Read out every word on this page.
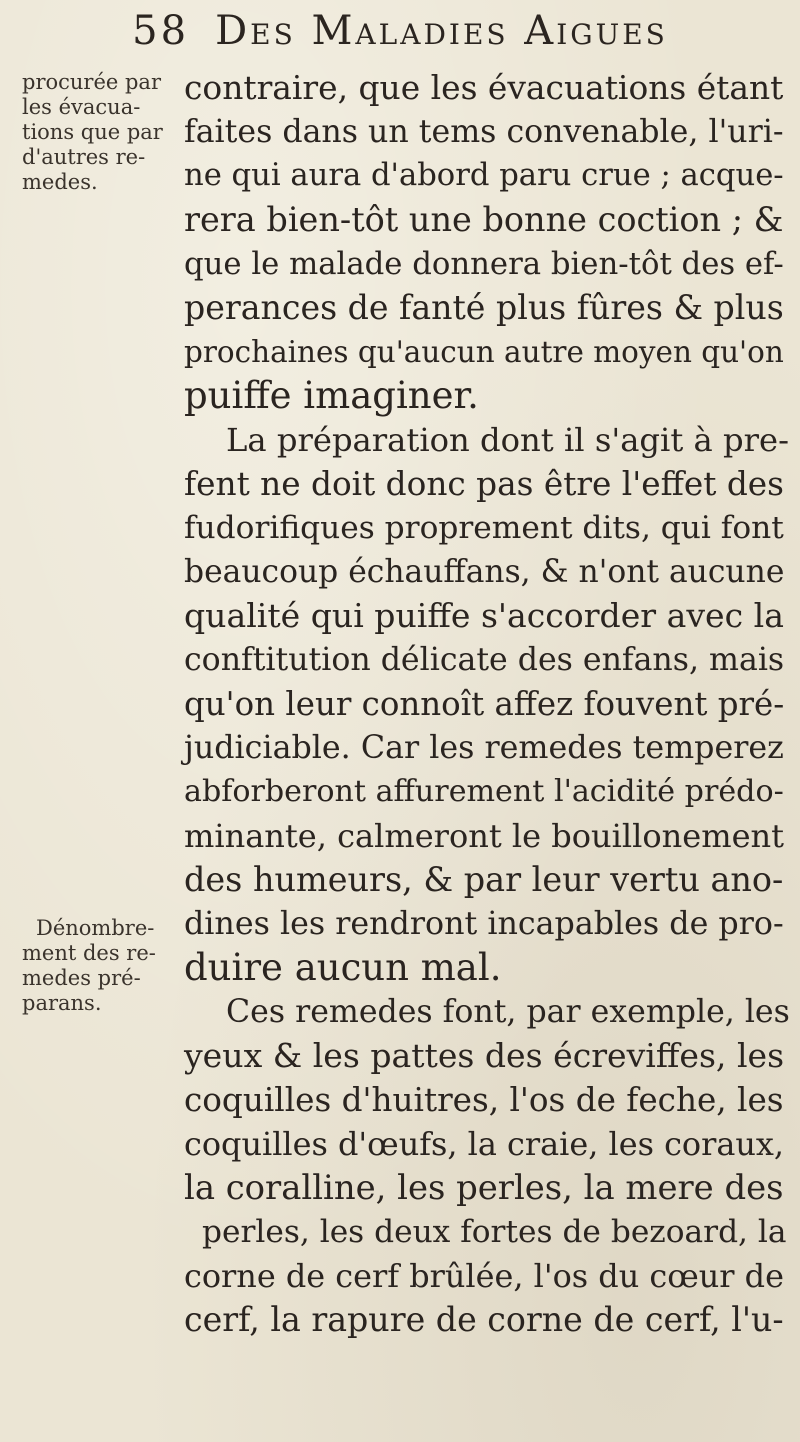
58 Des Maladies Aigues
procurée par
les évacua-
tions que par
d'autres re-
medes.
Dénombre-
ment des re-
medes pré-
parans.
contraire, que les évacuations étant
faites dans un tems convenable, l'uri-
ne qui aura d'abord paru crue ; acque-
rera bien-tôt une bonne coction ; &
que le malade donnera bien-tôt des ef-
perances de fanté plus fûres & plus
prochaines qu'aucun autre moyen qu'on
puiffe imaginer.
La préparation dont il s'agit à pre-
fent ne doit donc pas être l'effet des
fudorifiques proprement dits, qui font
beaucoup échauffans, & n'ont aucune
qualité qui puiffe s'accorder avec la
conftitution délicate des enfans, mais
qu'on leur connoît affez fouvent pré-
judiciable. Car les remedes temperez
abforberont affurement l'acidité prédo-
minante, calmeront le bouillonement
des humeurs, & par leur vertu ano-
dines les rendront incapables de pro-
duire aucun mal.
Ces remedes font, par exemple, les
yeux & les pattes des écreviffes, les
coquilles d'huitres, l'os de feche, les
coquilles d'œufs, la craie, les coraux,
la coralline, les perles, la mere des
perles, les deux fortes de bezoard, la
corne de cerf brûlée, l'os du cœur de
cerf, la rapure de corne de cerf, l'u-
